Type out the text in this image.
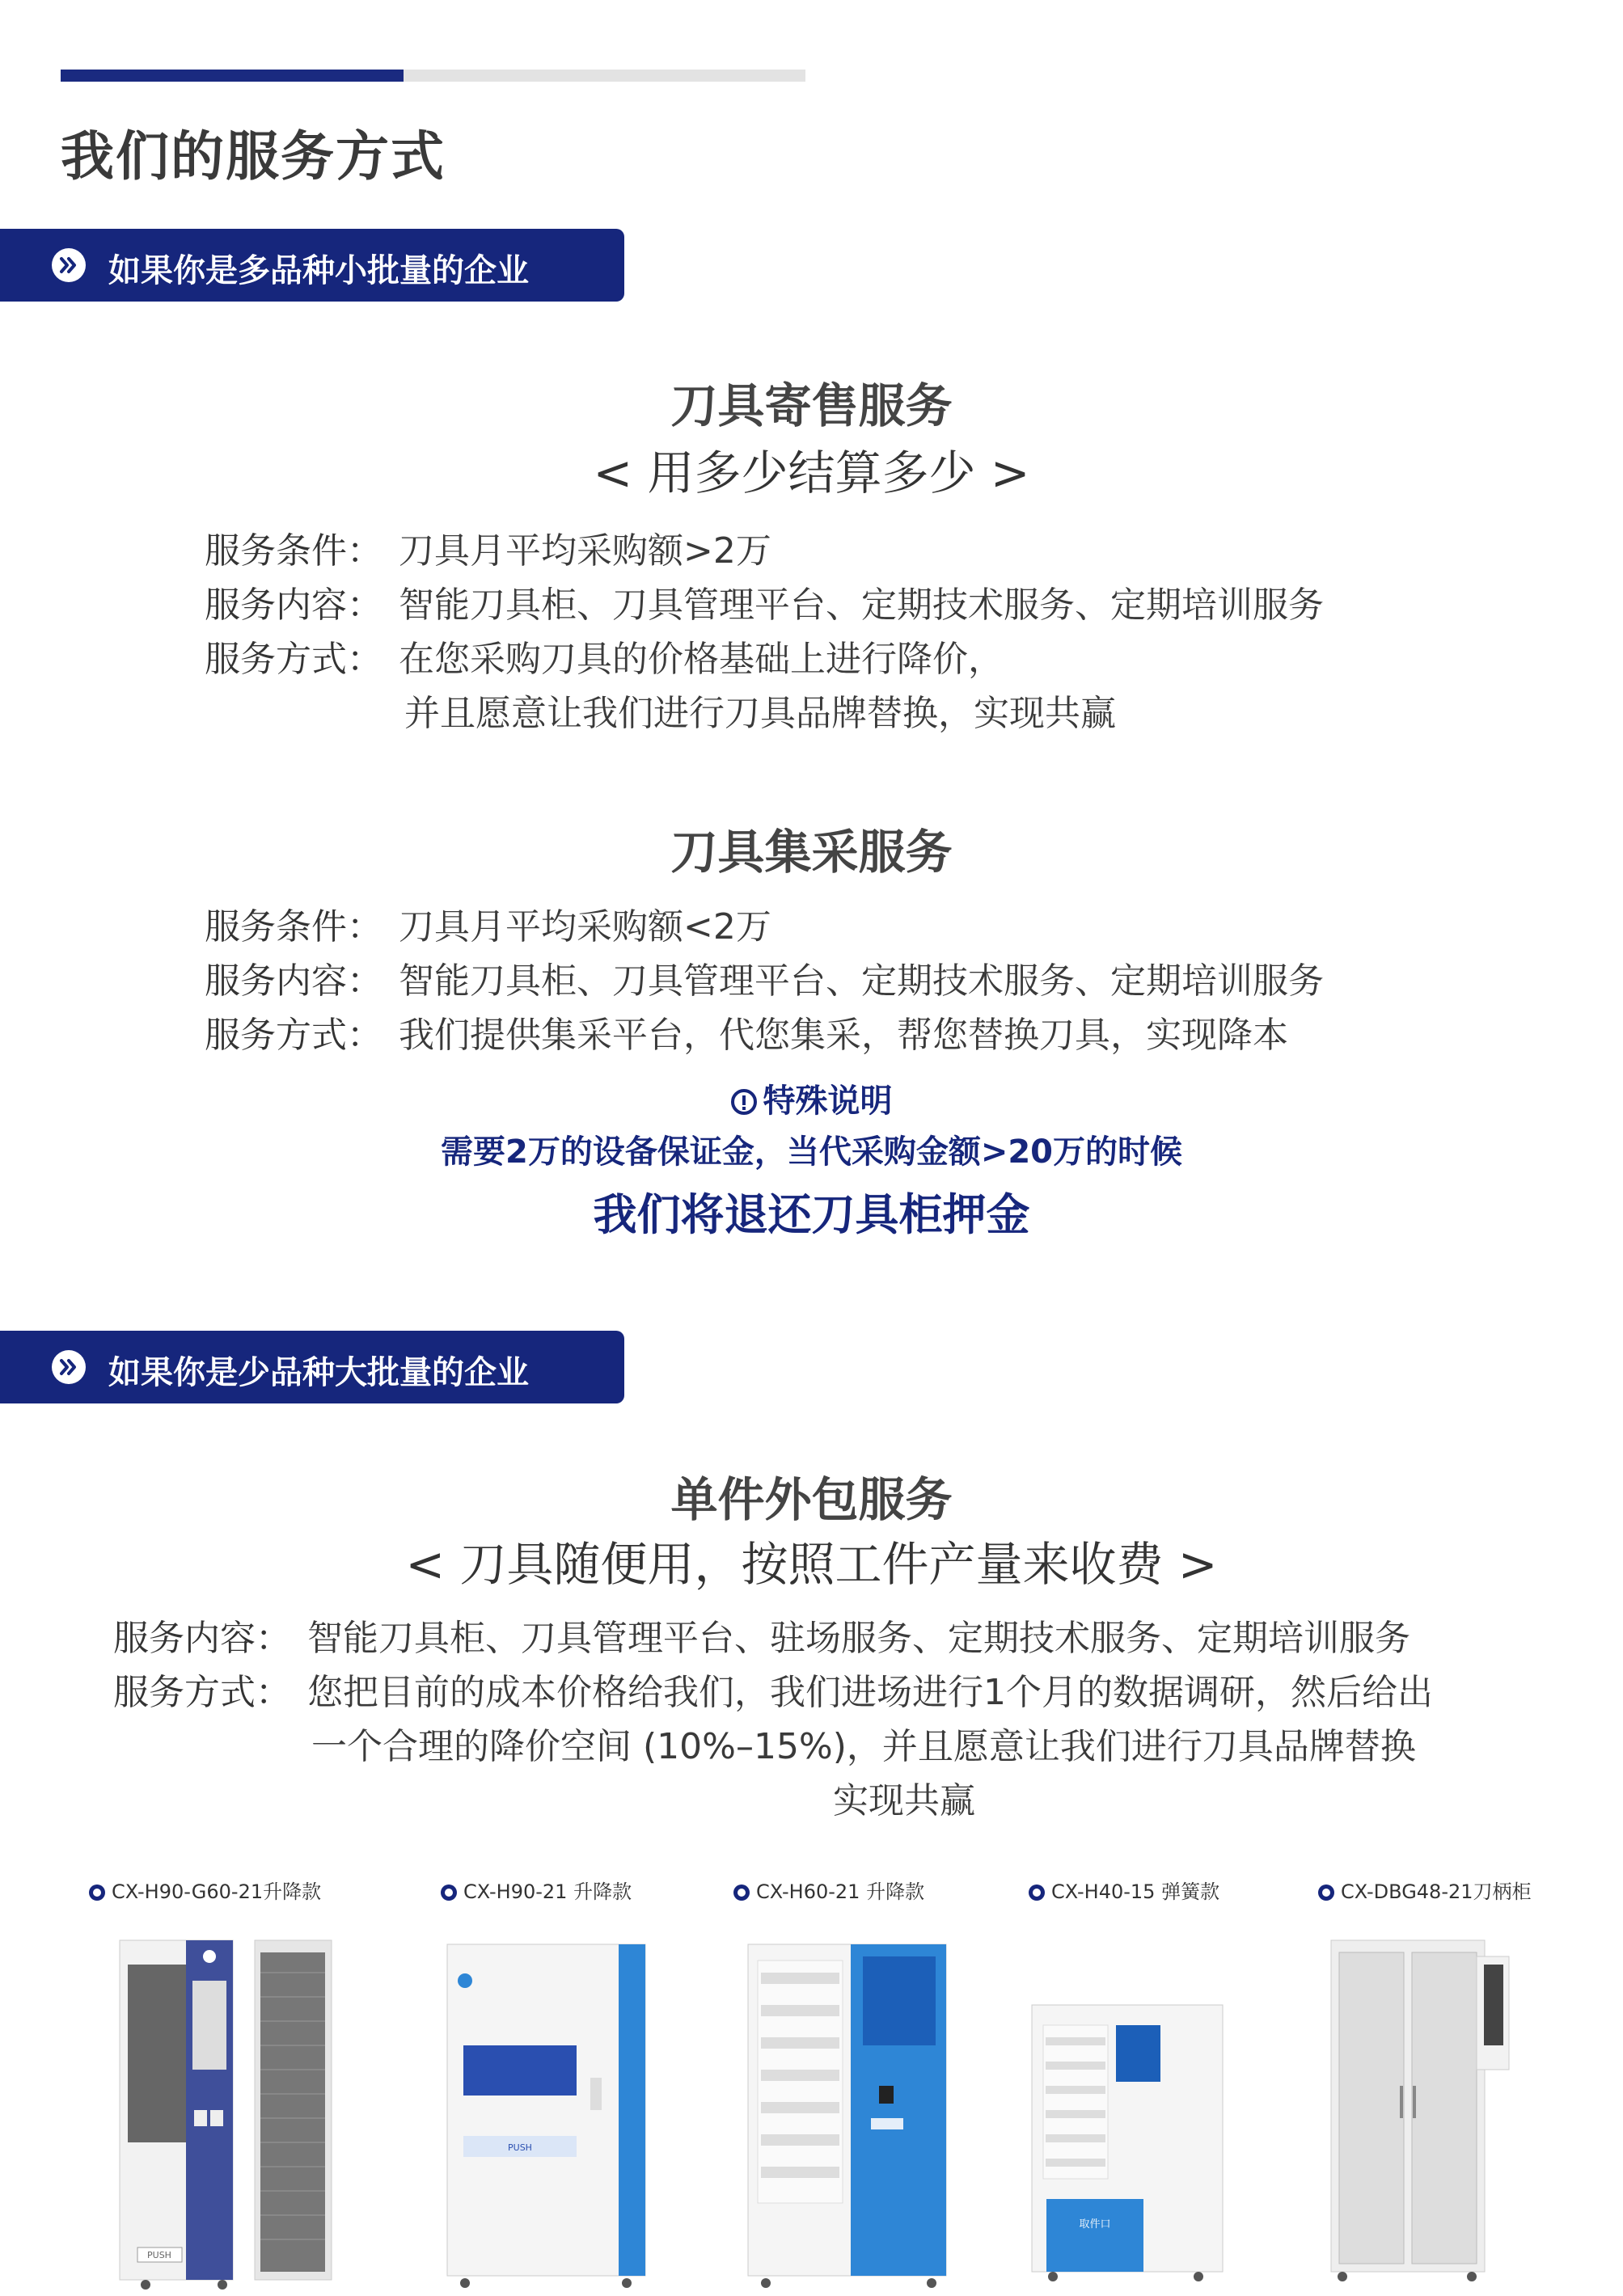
我们的服务方式
如果你是多品种小批量的企业
刀具寄售服务
< 用多少结算多少 >
服务条件： 刀具月平均采购额>2万
服务内容： 智能刀具柜、刀具管理平台、定期技术服务、定期培训服务
服务方式： 在您采购刀具的价格基础上进行降价，
并且愿意让我们进行刀具品牌替换，实现共赢
刀具集采服务
服务条件： 刀具月平均采购额<2万
服务内容： 智能刀具柜、刀具管理平台、定期技术服务、定期培训服务
服务方式： 我们提供集采平台，代您集采，帮您替换刀具，实现降本
特殊说明
需要2万的设备保证金，当代采购金额>20万的时候
我们将退还刀具柜押金
如果你是少品种大批量的企业
单件外包服务
< 刀具随便用，按照工件产量来收费 >
服务内容： 智能刀具柜、刀具管理平台、驻场服务、定期技术服务、定期培训服务
服务方式： 您把目前的成本价格给我们，我们进场进行1个月的数据调研，然后给出
一个合理的降价空间 (10%–15%)，并且愿意让我们进行刀具品牌替换
实现共赢
CX-H90-G60-21升降款
PUSH
CX-H90-21 升降款
PUSH
CX-H60-21 升降款	CX-H40-15 弹簧款
取件口
CX-DBG48-21刀柄柜
